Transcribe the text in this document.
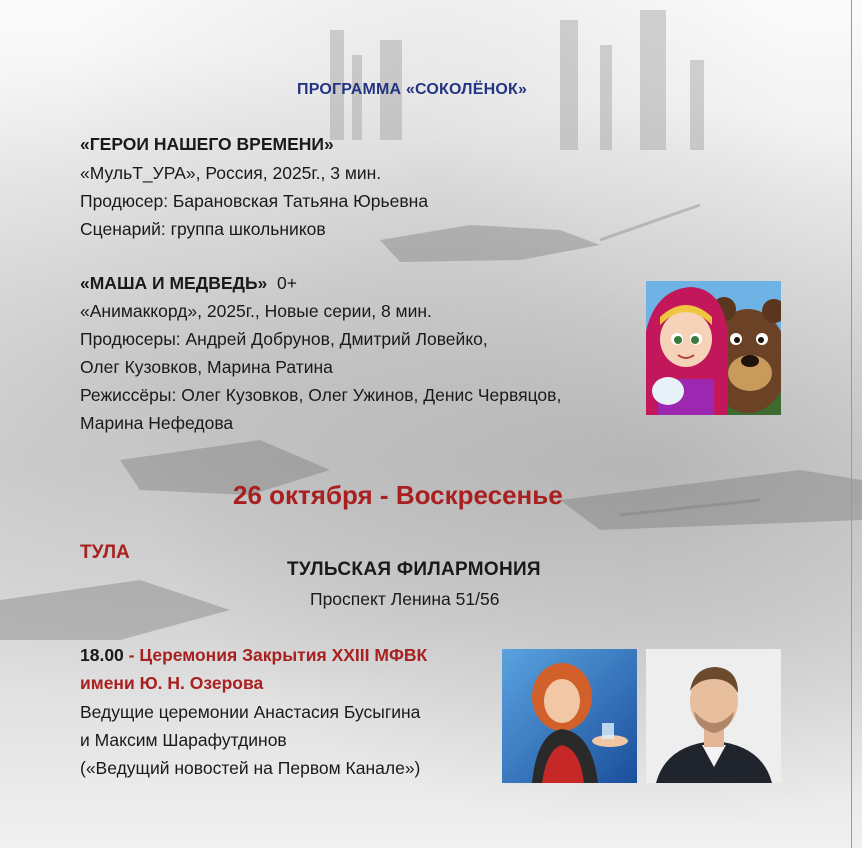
ПРОГРАММА «СОКОЛЁНОК»
«ГЕРОИ НАШЕГО ВРЕМЕНИ»
«МульТ_УРА», Россия, 2025г., 3 мин.
Продюсер: Барановская Татьяна Юрьевна
Сценарий: группа школьников
«МАША И МЕДВЕДЬ» 0+
«Анимаккорд», 2025г., Новые серии, 8 мин.
Продюсеры: Андрей Добрунов, Дмитрий Ловейко,
Олег Кузовков, Марина Ратина
Режиссёры: Олег Кузовков, Олег Ужинов, Денис Червяцов,
Марина Нефедова
26 октября - Воскресенье
ТУЛА
ТУЛЬСКАЯ ФИЛАРМОНИЯ
Проспект Ленина 51/56
18.00 - Церемония Закрытия XXIII МФВК
имени Ю. Н. Озерова
Ведущие церемонии Анастасия Бусыгина
и Максим Шарафутдинов
(«Ведущий новостей на Первом Канале»)
